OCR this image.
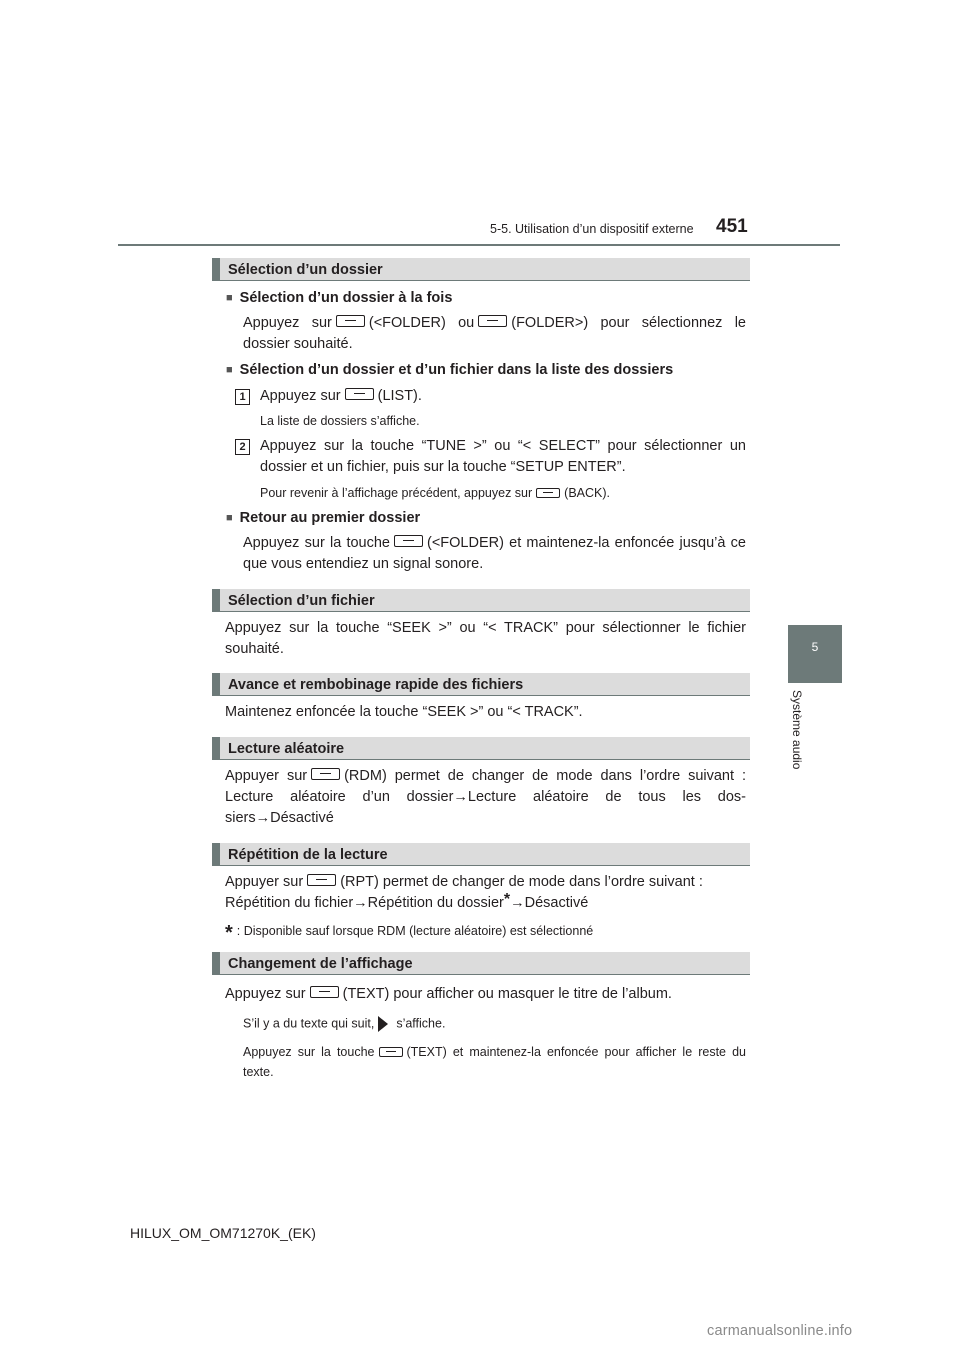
5-5. Utilisation d’un dispositif externe 451
5
Système audio
Sélection d’un dossier
■ Sélection d’un dossier à la fois
Appuyez sur	(<FOLDER) ou	(FOLDER>) pour sélectionnez le dossier souhaité.
■ Sélection d’un dossier et d’un fichier dans la liste des dossiers
1 Appuyez sur	(LIST).
La liste de dossiers s’affiche.
2 Appuyez sur la touche “TUNE >” ou “< SELECT” pour sélectionner un dossier et un fichier, puis sur la touche “SETUP ENTER”.
Pour revenir à l’affichage précédent, appuyez sur	(BACK).
■ Retour au premier dossier
Appuyez sur la touche	(<FOLDER) et maintenez-la enfoncée jusqu’à ce que vous entendiez un signal sonore.
Sélection d’un fichier
Appuyez sur la touche “SEEK >” ou “< TRACK” pour sélectionner le fichier souhaité.
Avance et rembobinage rapide des fichiers
Maintenez enfoncée la touche “SEEK >” ou “< TRACK”.
Lecture aléatoire
Appuyer sur	(RDM) permet de changer de mode dans l’ordre suivant : Lecture aléatoire d’un dossier→Lecture aléatoire de tous les dos-siers→Désactivé
Répétition de la lecture
Appuyer sur	(RPT) permet de changer de mode dans l’ordre suivant :
Répétition du fichier→Répétition du dossier*→Désactivé
* : Disponible sauf lorsque RDM (lecture aléatoire) est sélectionné
Changement de l’affichage
Appuyez sur	(TEXT) pour afficher ou masquer le titre de l’album.
S’il y a du texte qui suit, s’affiche.
Appuyez sur la touche	(TEXT) et maintenez-la enfoncée pour afficher le reste du texte.
HILUX_OM_OM71270K_(EK)
carmanualsonline.info
